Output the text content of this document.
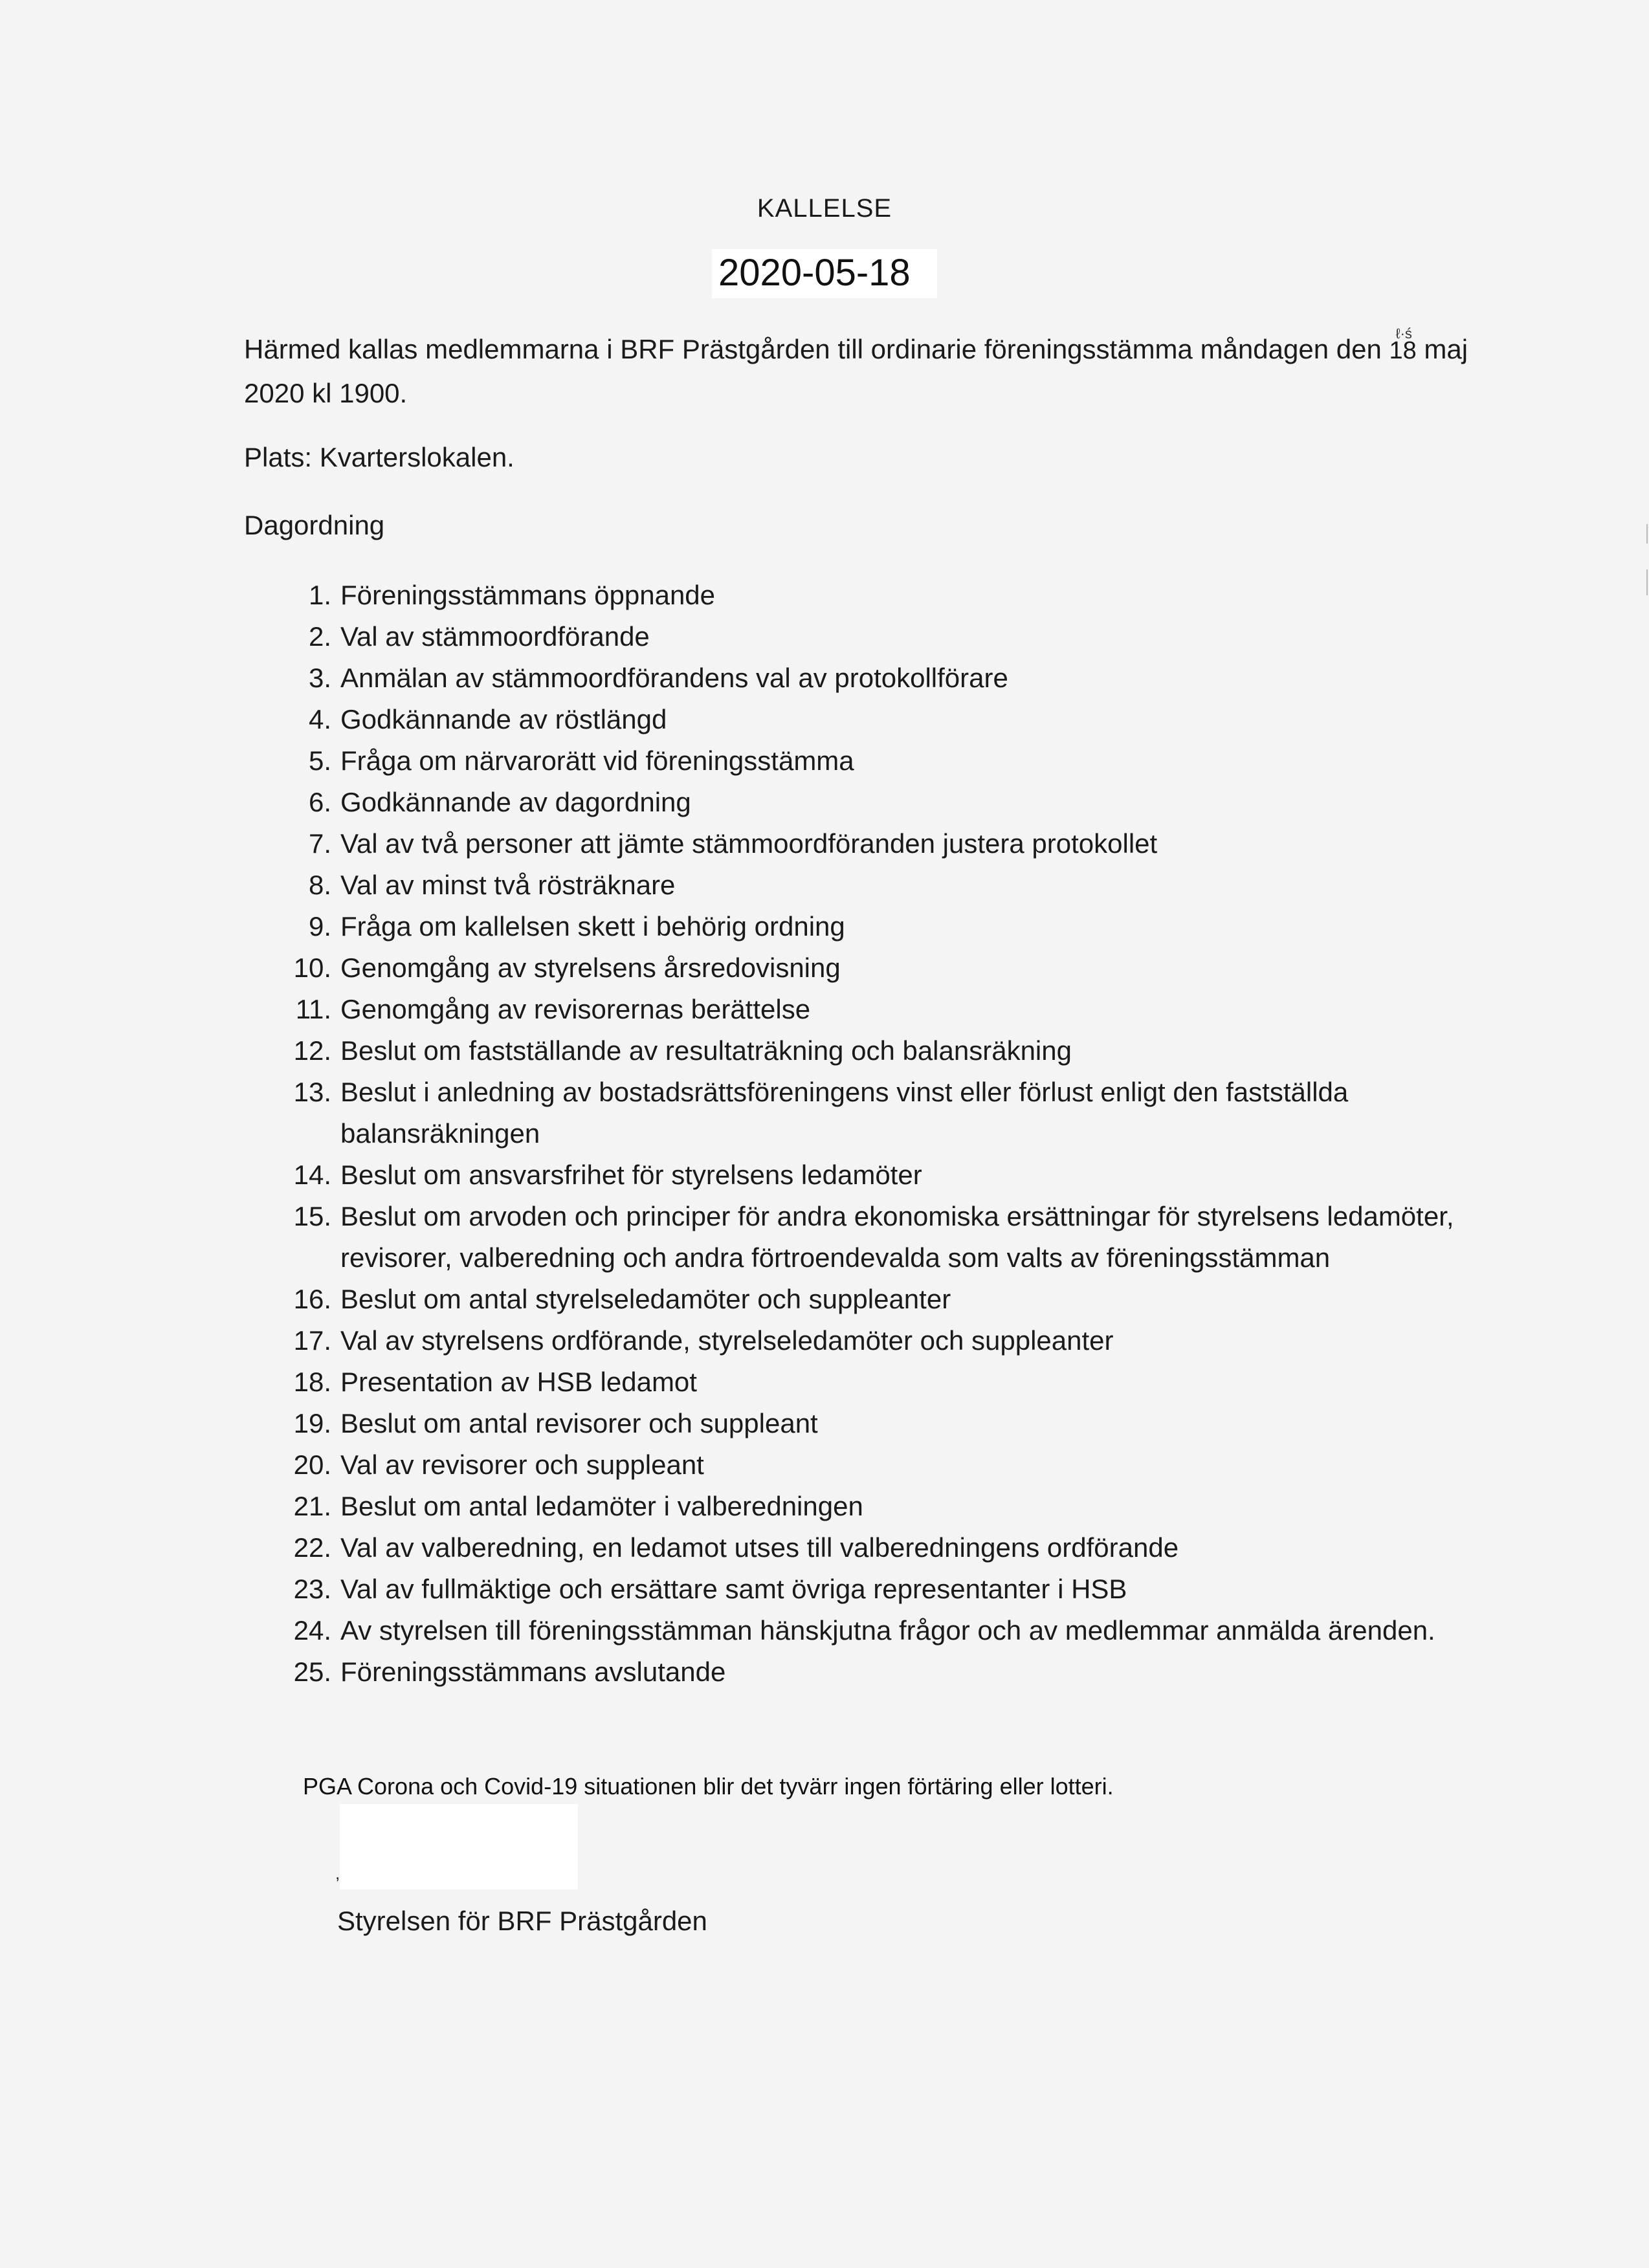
KALLELSE
2020-05-18
Härmed kallas medlemmarna i BRF Prästgården till ordinarie föreningsstämma måndagen den
ℓ·ś
18 maj
2020 kl 1900.
Plats: Kvarterslokalen.
Dagordning
1. Föreningsstämmans öppnande
2. Val av stämmoordförande
3. Anmälan av stämmoordförandens val av protokollförare
4. Godkännande av röstlängd
5. Fråga om närvarorätt vid föreningsstämma
6. Godkännande av dagordning
7. Val av två personer att jämte stämmoordföranden justera protokollet
8. Val av minst två rösträknare
9. Fråga om kallelsen skett i behörig ordning
10. Genomgång av styrelsens årsredovisning
11. Genomgång av revisorernas berättelse
12. Beslut om fastställande av resultaträkning och balansräkning
13. Beslut i anledning av bostadsrättsföreningens vinst eller förlust enligt den fastställda balansräkningen
14. Beslut om ansvarsfrihet för styrelsens ledamöter
15. Beslut om arvoden och principer för andra ekonomiska ersättningar för styrelsens ledamöter, revisorer, valberedning och andra förtroendevalda som valts av föreningsstämman
16. Beslut om antal styrelseledamöter och suppleanter
17. Val av styrelsens ordförande, styrelseledamöter och suppleanter
18. Presentation av HSB ledamot
19. Beslut om antal revisorer och suppleant
20. Val av revisorer och suppleant
21. Beslut om antal ledamöter i valberedningen
22. Val av valberedning, en ledamot utses till valberedningens ordförande
23. Val av fullmäktige och ersättare samt övriga representanter i HSB
24. Av styrelsen till föreningsstämman hänskjutna frågor och av medlemmar anmälda ärenden.
25. Föreningsstämmans avslutande
PGA Corona och Covid-19 situationen blir det tyvärr ingen förtäring eller lotteri.
,
Styrelsen för BRF Prästgården
